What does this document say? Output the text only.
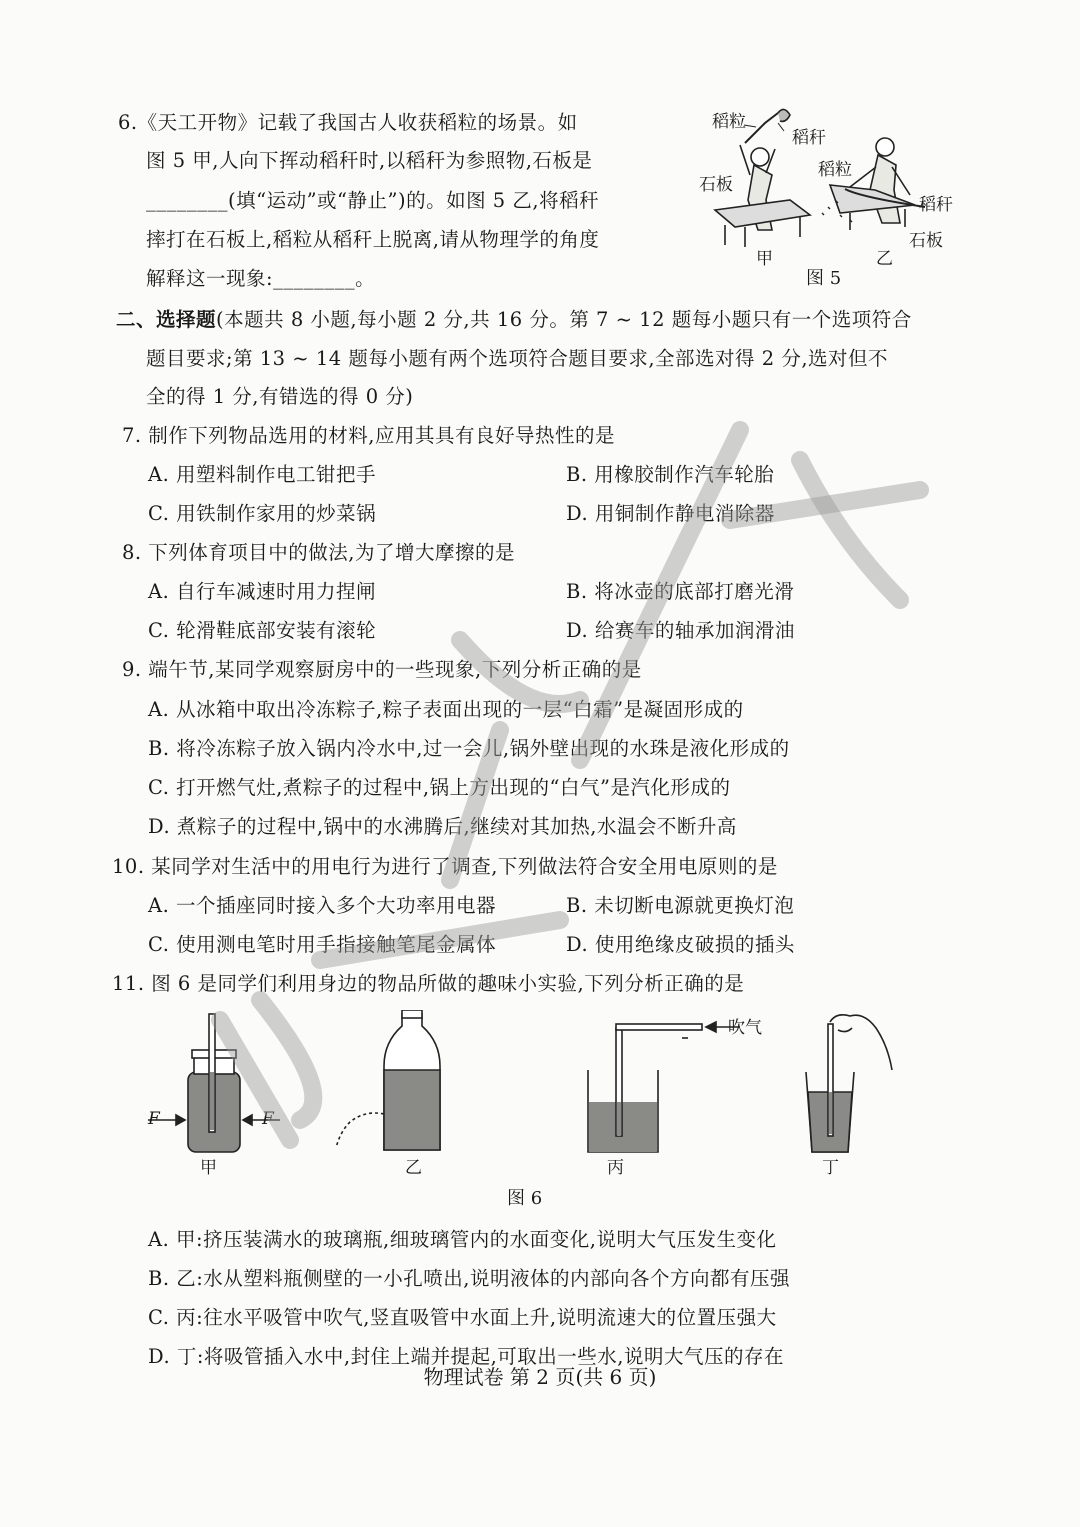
6.《天工开物》记载了我国古人收获稻粒的场景。如
图 5 甲,人向下挥动稻秆时,以稻秆为参照物,石板是
________(填“运动”或“静止”)的。如图 5 乙,将稻秆
摔打在石板上,稻粒从稻秆上脱离,请从物理学的角度
解释这一现象:________。
稻粒
稻秆
石板
稻粒
稻秆
石板
甲	乙
图 5
二、选择题(本题共 8 小题,每小题 2 分,共 16 分。第 7 ~ 12 题每小题只有一个选项符合
题目要求;第 13 ~ 14 题每小题有两个选项符合题目要求,全部选对得 2 分,选对但不
全的得 1 分,有错选的得 0 分)
7. 制作下列物品选用的材料,应用其具有良好导热性的是
A. 用塑料制作电工钳把手	B. 用橡胶制作汽车轮胎
C. 用铁制作家用的炒菜锅	D. 用铜制作静电消除器
8. 下列体育项目中的做法,为了增大摩擦的是
A. 自行车减速时用力捏闸	B. 将冰壶的底部打磨光滑
C. 轮滑鞋底部安装有滚轮	D. 给赛车的轴承加润滑油
9. 端午节,某同学观察厨房中的一些现象,下列分析正确的是
A. 从冰箱中取出冷冻粽子,粽子表面出现的一层“白霜”是凝固形成的
B. 将冷冻粽子放入锅内冷水中,过一会儿,锅外壁出现的水珠是液化形成的
C. 打开燃气灶,煮粽子的过程中,锅上方出现的“白气”是汽化形成的
D. 煮粽子的过程中,锅中的水沸腾后,继续对其加热,水温会不断升高
10. 某同学对生活中的用电行为进行了调查,下列做法符合安全用电原则的是
A. 一个插座同时接入多个大功率用电器	B. 未切断电源就更换灯泡
C. 使用测电笔时用手指接触笔尾金属体	D. 使用绝缘皮破损的插头
11. 图 6 是同学们利用身边的物品所做的趣味小实验,下列分析正确的是
F	F
吹气
甲	乙	丙	丁
图 6
A. 甲:挤压装满水的玻璃瓶,细玻璃管内的水面变化,说明大气压发生变化
B. 乙:水从塑料瓶侧壁的一小孔喷出,说明液体的内部向各个方向都有压强
C. 丙:往水平吸管中吹气,竖直吸管中水面上升,说明流速大的位置压强大
D. 丁:将吸管插入水中,封住上端并提起,可取出一些水,说明大气压的存在
物理试卷 第 2 页(共 6 页)
